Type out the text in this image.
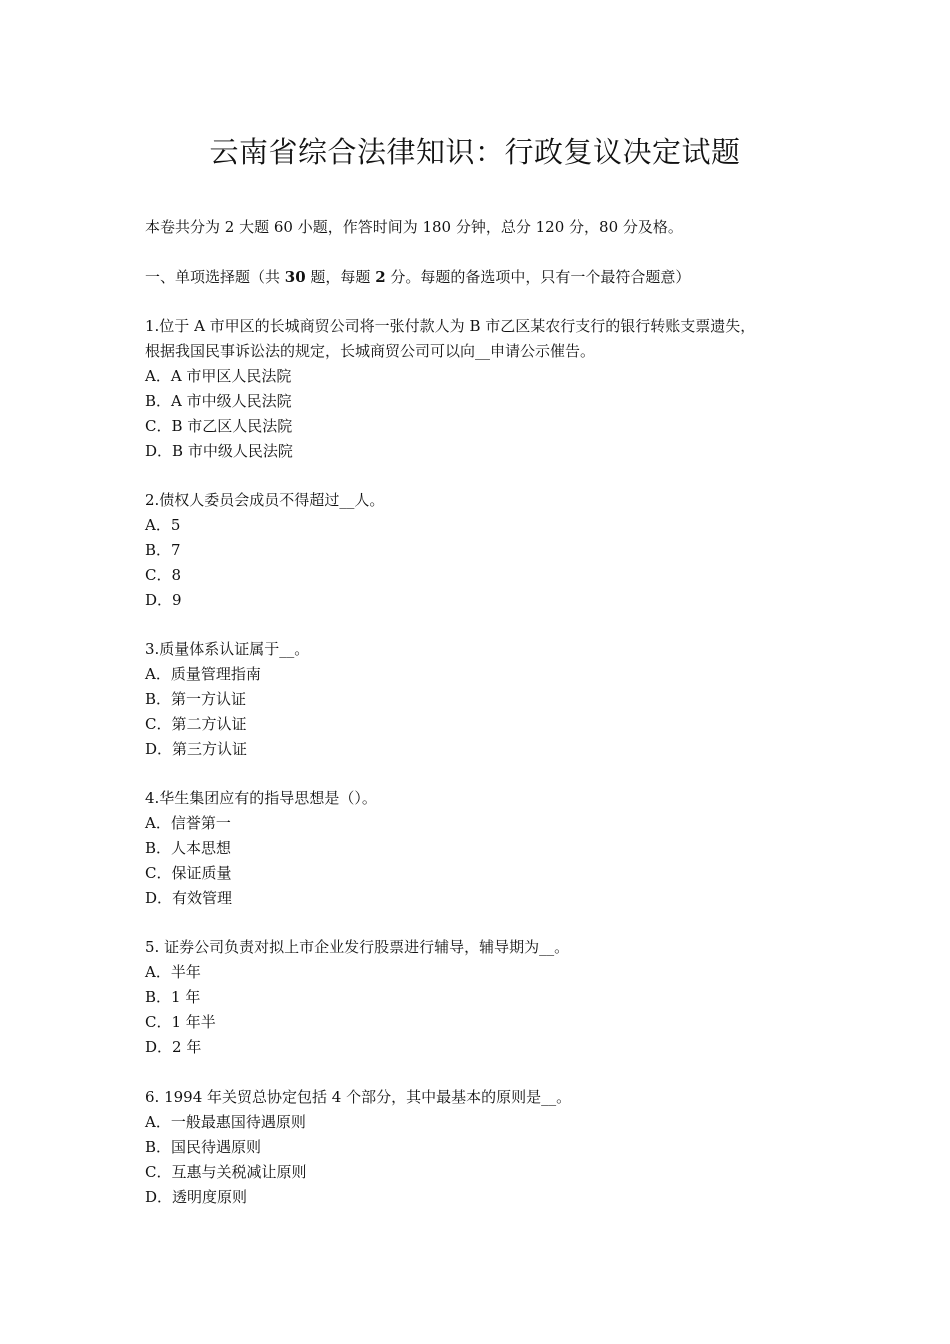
云南省综合法律知识：行政复议决定试题
本卷共分为 2 大题 60 小题，作答时间为 180 分钟，总分 120 分，80 分及格。
一、单项选择题（共 30 题，每题 2 分。每题的备选项中，只有一个最符合题意）
1.位于 A 市甲区的长城商贸公司将一张付款人为 B 市乙区某农行支行的银行转账支票遗失，
根据我国民事诉讼法的规定，长城商贸公司可以向__申请公示催告。
A．A 市甲区人民法院
B．A 市中级人民法院
C．B 市乙区人民法院
D．B 市中级人民法院
2.债权人委员会成员不得超过__人。
A．5
B．7
C．8
D．9
3.质量体系认证属于__。
A．质量管理指南
B．第一方认证
C．第二方认证
D．第三方认证
4.华生集团应有的指导思想是（）。
A．信誉第一
B．人本思想
C．保证质量
D．有效管理
5. 证券公司负责对拟上市企业发行股票进行辅导，辅导期为__。
A．半年
B．1 年
C．1 年半
D．2 年
6. 1994 年关贸总协定包括 4 个部分，其中最基本的原则是__。
A．一般最惠国待遇原则
B．国民待遇原则
C．互惠与关税减让原则
D．透明度原则
